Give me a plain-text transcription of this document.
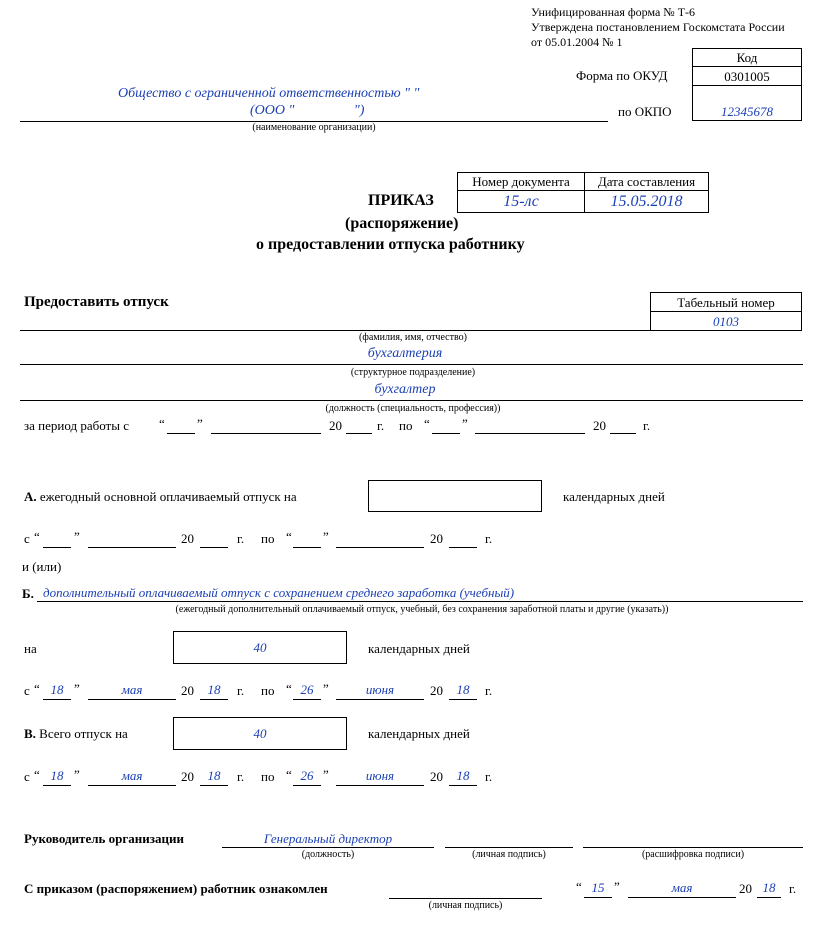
Унифицированная форма № Т-6
Утверждена постановлением Госкомстата России
от 05.01.2004 № 1
Код
0301005
12345678
Форма по ОКУД
по ОКПО
Общество с ограниченной ответственностью " "
(ООО "                 ")
(наименование организации)
Номер документа	Дата составления
15-лс	15.05.2018
ПРИКАЗ
(распоряжение)
о предоставлении отпуска работнику
Предоставить отпуск	Табельный номер
0103
(фамилия, имя, отчество)
бухгалтерия
(структурное подразделение)
бухгалтер
(должность (специальность, профессия))
за период работы с “ ”	20	г. по “ ”	20	г.
А. ежегодный основной оплачиваемый отпуск на	календарных дней
с “	”	20	г. по “ ”	20	г.
и (или)
Б. дополнительный оплачиваемый отпуск с сохранением среднего заработка (учебный)
(ежегодный дополнительный оплачиваемый отпуск, учебный, без сохранения заработной платы и другие (указать))
на	40	календарных дней
с “ 18 ”	мая	20	18	г. по “ 26 ”	июня	20	18	г.
В. Всего отпуск на	40	календарных дней
с “ 18 ”	мая	20	18	г. по “ 26 ”	июня	20	18	г.
Руководитель организации	Генеральный директор
(должность)	(личная подпись)	(расшифровка подписи)
С приказом (распоряжением) работник ознакомлен
(личная подпись)
“ 15 ”	мая	20 18	г.
